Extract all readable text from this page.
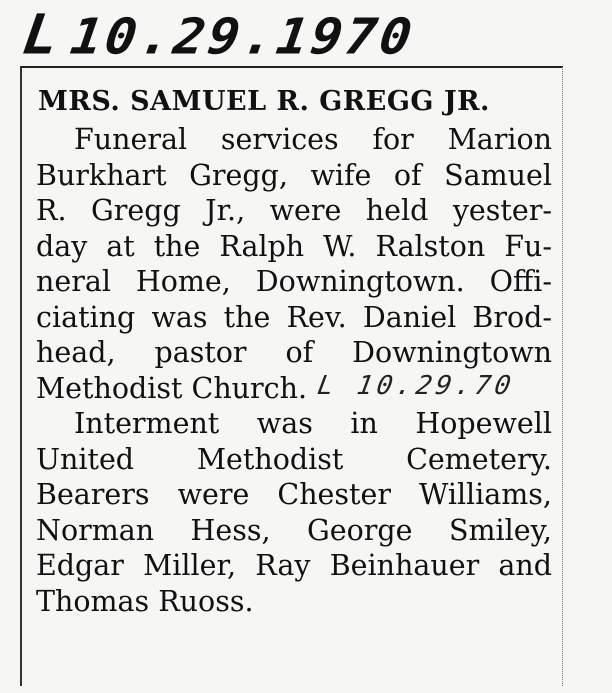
L10.29.1970
MRS. SAMUEL R. GREGG JR.
Funeral services for Marion
Burkhart Gregg, wife of Samuel
R. Gregg Jr., were held yester-
day at the Ralph W. Ralston Fu-
neral Home, Downingtown. Offi-
ciating was the Rev. Daniel Brod-
head, pastor of Downingtown
Methodist Church. L 10.29.70
Interment was in Hopewell
United Methodist Cemetery.
Bearers were Chester Williams,
Norman Hess, George Smiley,
Edgar Miller, Ray Beinhauer and
Thomas Ruoss.
